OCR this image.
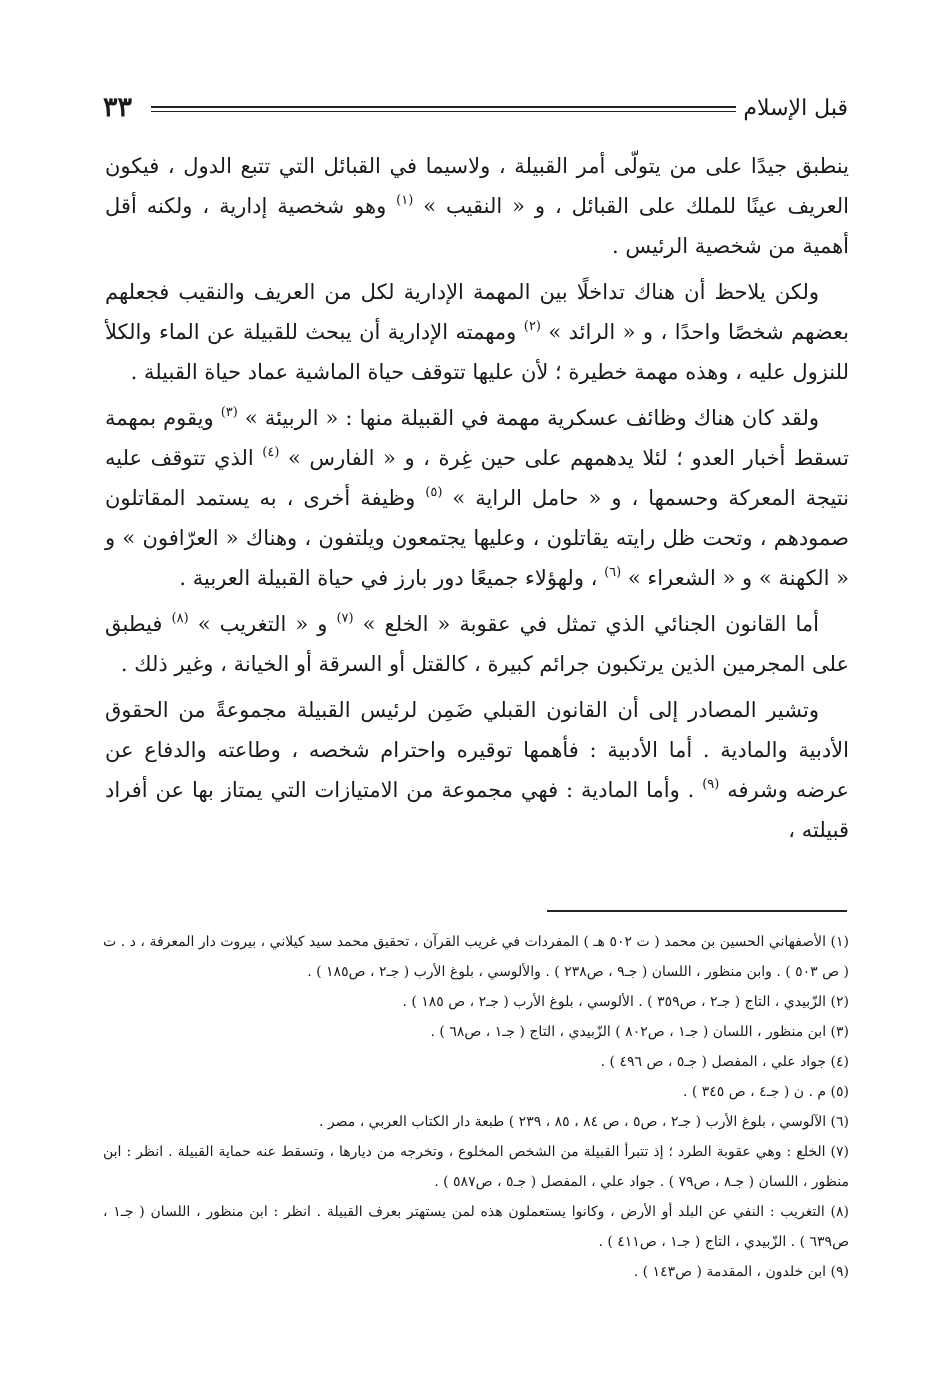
قبل الإسلام
٣٣

ينطبق جيدًا على من يتولّى أمر القبيلة ، ولاسيما في القبائل التي تتبع الدول ، فيكون العريف عينًا للملك على القبائل ، و « النقيب » $^{(١)}$ وهو شخصية إدارية ، ولكنه أقل أهمية من شخصية الرئيس .

ولكن يلاحظ أن هناك تداخلًا بين المهمة الإدارية لكل من العريف والنقيب فجعلهم بعضهم شخصًا واحدًا ، و « الرائد » $^{(٢)}$ ومهمته الإدارية أن يبحث للقبيلة عن الماء والكلأ للنزول عليه ، وهذه مهمة خطيرة ؛ لأن عليها تتوقف حياة الماشية عماد حياة القبيلة .

ولقد كان هناك وظائف عسكرية مهمة في القبيلة منها : « الربيئة » $^{(٣)}$ ويقوم بمهمة تسقط أخبار العدو ؛ لئلا يدهمهم على حين غِرة ، و « الفارس » $^{(٤)}$ الذي تتوقف عليه نتيجة المعركة وحسمها ، و « حامل الراية » $^{(٥)}$ وظيفة أخرى ، به يستمد المقاتلون صمودهم ، وتحت ظل رايته يقاتلون ، وعليها يجتمعون ويلتفون ، وهناك « العرّافون » و « الكهنة » و « الشعراء » $^{(٦)}$ ، ولهؤلاء جميعًا دور بارز في حياة القبيلة العربية .

أما القانون الجنائي الذي تمثل في عقوبة « الخلع » $^{(٧)}$ و « التغريب » $^{(٨)}$ فيطبق على المجرمين الذين يرتكبون جرائم كبيرة ، كالقتل أو السرقة أو الخيانة ، وغير ذلك .

وتشير المصادر إلى أن القانون القبلي ضَمِن لرئيس القبيلة مجموعةً من الحقوق الأدبية والمادية . أما الأدبية : فأهمها توقيره واحترام شخصه ، وطاعته والدفاع عن عرضه وشرفه $^{(٩)}$ . وأما المادية : فهي مجموعة من الامتيازات التي يمتاز بها عن أفراد قبيلته ،

(١) الأصفهاني الحسين بن محمد ( ت ٥٠٢ هـ ) المفردات في غريب القرآن ، تحقيق محمد سيد كيلاني ، بيروت دار المعرفة ، د . ت ( ص ٥٠٣ ) . وابن منظور ، اللسان ( جـ٩ ، ص٢٣٨ ) . والألوسي ، بلوغ الأرب ( جـ٢ ، ص١٨٥ ) .

(٢) الزّبيدي ، التاج ( جـ٢ ، ص٣٥٩ ) . الألوسي ، بلوغ الأرب ( جـ٢ ، ص ١٨٥ ) .

(٣) ابن منظور ، اللسان ( جـ١ ، ص٨٠٢ ) الزّبيدي ، التاج ( جـ١ ، ص٦٨ ) .

(٤) جواد علي ، المفصل ( جـ٥ ، ص ٤٩٦ ) .

(٥) م . ن ( جـ٤ ، ص ٣٤٥ ) .

(٦) الآلوسي ، بلوغ الأرب ( جـ٢ ، ص٥ ، ص ٨٤ ، ٨٥ ، ٢٣٩ ) طبعة دار الكتاب العربي ، مصر .

(٧) الخلع : وهي عقوبة الطرد ؛ إذ تتبرأ القبيلة من الشخص المخلوع ، وتخرجه من ديارها ، وتسقط عنه حماية القبيلة . انظر : ابن منظور ، اللسان ( جـ٨ ، ص٧٩ ) . جواد علي ، المفصل ( جـ٥ ، ص٥٨٧ ) .

(٨) التغريب : النفي عن البلد أو الأرض ، وكانوا يستعملون هذه لمن يستهتر بعرف القبيلة . انظر : ابن منظور ، اللسان ( جـ١ ، ص٦٣٩ ) . الزّبيدي ، التاج ( جـ١ ، ص٤١١ ) .

(٩) ابن خلدون ، المقدمة ( ص١٤٣ ) .
